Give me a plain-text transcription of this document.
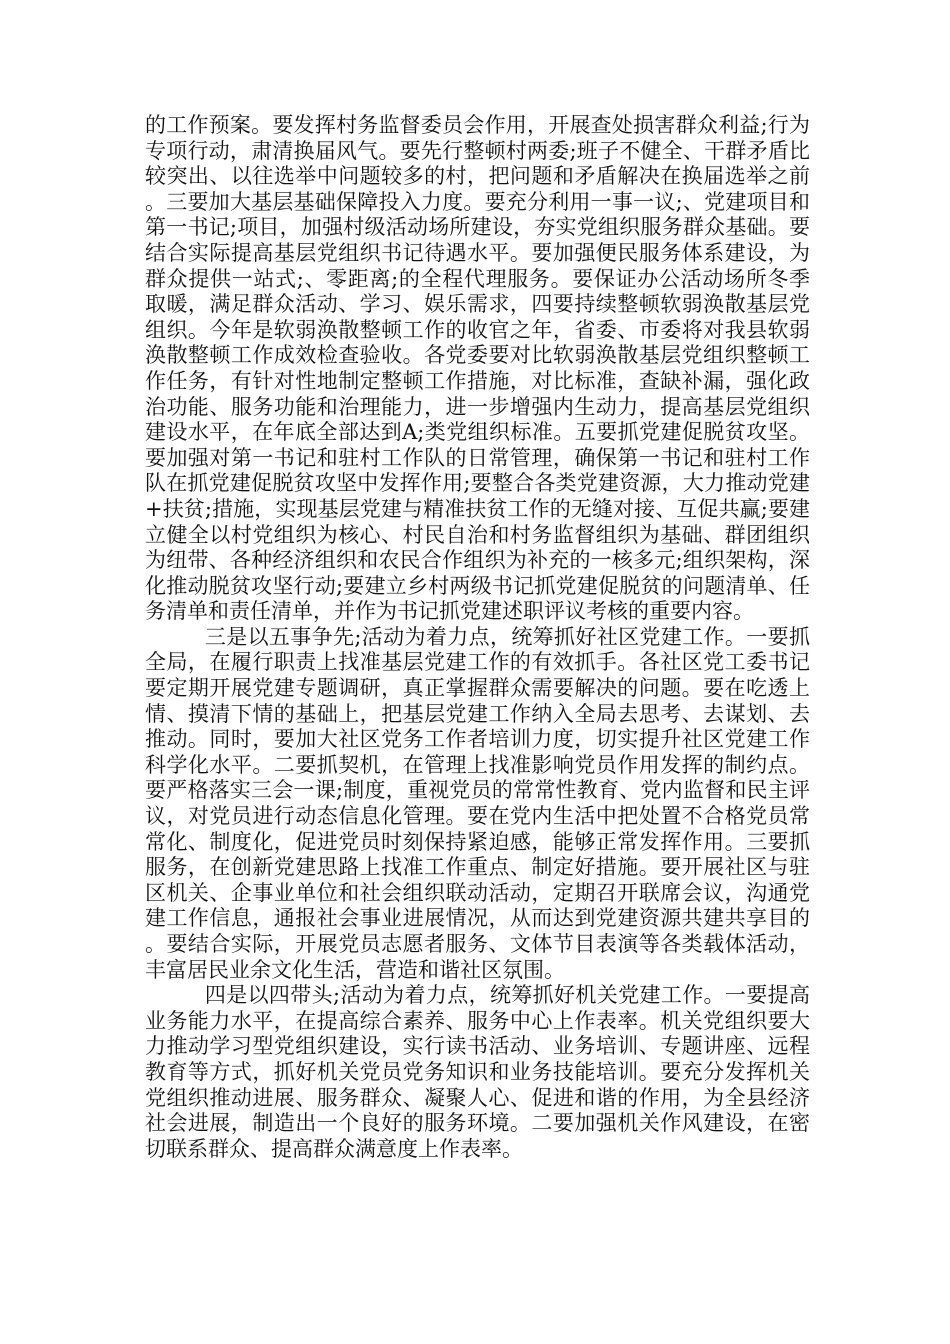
的工作预案。要发挥村务监督委员会作用，开展查处损害群众利益;行为专项行动，肃清换届风气。要先行整顿村两委;班子不健全、干群矛盾比较突出、以往选举中问题较多的村，把问题和矛盾解决在换届选举之前。三要加大基层基础保障投入力度。要充分利用一事一议;、党建项目和第一书记;项目，加强村级活动场所建设，夯实党组织服务群众基础。要结合实际提高基层党组织书记待遇水平。要加强便民服务体系建设，为群众提供一站式;、零距离;的全程代理服务。要保证办公活动场所冬季取暖，满足群众活动、学习、娱乐需求，四要持续整顿软弱涣散基层党组织。今年是软弱涣散整顿工作的收官之年，省委、市委将对我县软弱涣散整顿工作成效检查验收。各党委要对比软弱涣散基层党组织整顿工作任务，有针对性地制定整顿工作措施，对比标准，查缺补漏，强化政治功能、服务功能和治理能力，进一步增强内生动力，提高基层党组织建设水平，在年底全部达到A;类党组织标准。五要抓党建促脱贫攻坚。要加强对第一书记和驻村工作队的日常管理，确保第一书记和驻村工作队在抓党建促脱贫攻坚中发挥作用;要整合各类党建资源，大力推动党建+扶贫;措施，实现基层党建与精准扶贫工作的无缝对接、互促共赢;要建立健全以村党组织为核心、村民自治和村务监督组织为基础、群团组织为纽带、各种经济组织和农民合作组织为补充的一核多元;组织架构，深化推动脱贫攻坚行动;要建立乡村两级书记抓党建促脱贫的问题清单、任务清单和责任清单，并作为书记抓党建述职评议考核的重要内容。

三是以五事争先;活动为着力点，统筹抓好社区党建工作。一要抓全局，在履行职责上找准基层党建工作的有效抓手。各社区党工委书记要定期开展党建专题调研，真正掌握群众需要解决的问题。要在吃透上情、摸清下情的基础上，把基层党建工作纳入全局去思考、去谋划、去推动。同时，要加大社区党务工作者培训力度，切实提升社区党建工作科学化水平。二要抓契机，在管理上找准影响党员作用发挥的制约点。要严格落实三会一课;制度，重视党员的常常性教育、党内监督和民主评议，对党员进行动态信息化管理。要在党内生活中把处置不合格党员常常化、制度化，促进党员时刻保持紧迫感，能够正常发挥作用。三要抓服务，在创新党建思路上找准工作重点、制定好措施。要开展社区与驻区机关、企事业单位和社会组织联动活动，定期召开联席会议，沟通党建工作信息，通报社会事业进展情况，从而达到党建资源共建共享目的。要结合实际，开展党员志愿者服务、文体节目表演等各类载体活动，丰富居民业余文化生活，营造和谐社区氛围。

四是以四带头;活动为着力点，统筹抓好机关党建工作。一要提高业务能力水平，在提高综合素养、服务中心上作表率。机关党组织要大力推动学习型党组织建设，实行读书活动、业务培训、专题讲座、远程教育等方式，抓好机关党员党务知识和业务技能培训。要充分发挥机关党组织推动进展、服务群众、凝聚人心、促进和谐的作用，为全县经济社会进展，制造出一个良好的服务环境。二要加强机关作风建设，在密切联系群众、提高群众满意度上作表率。
